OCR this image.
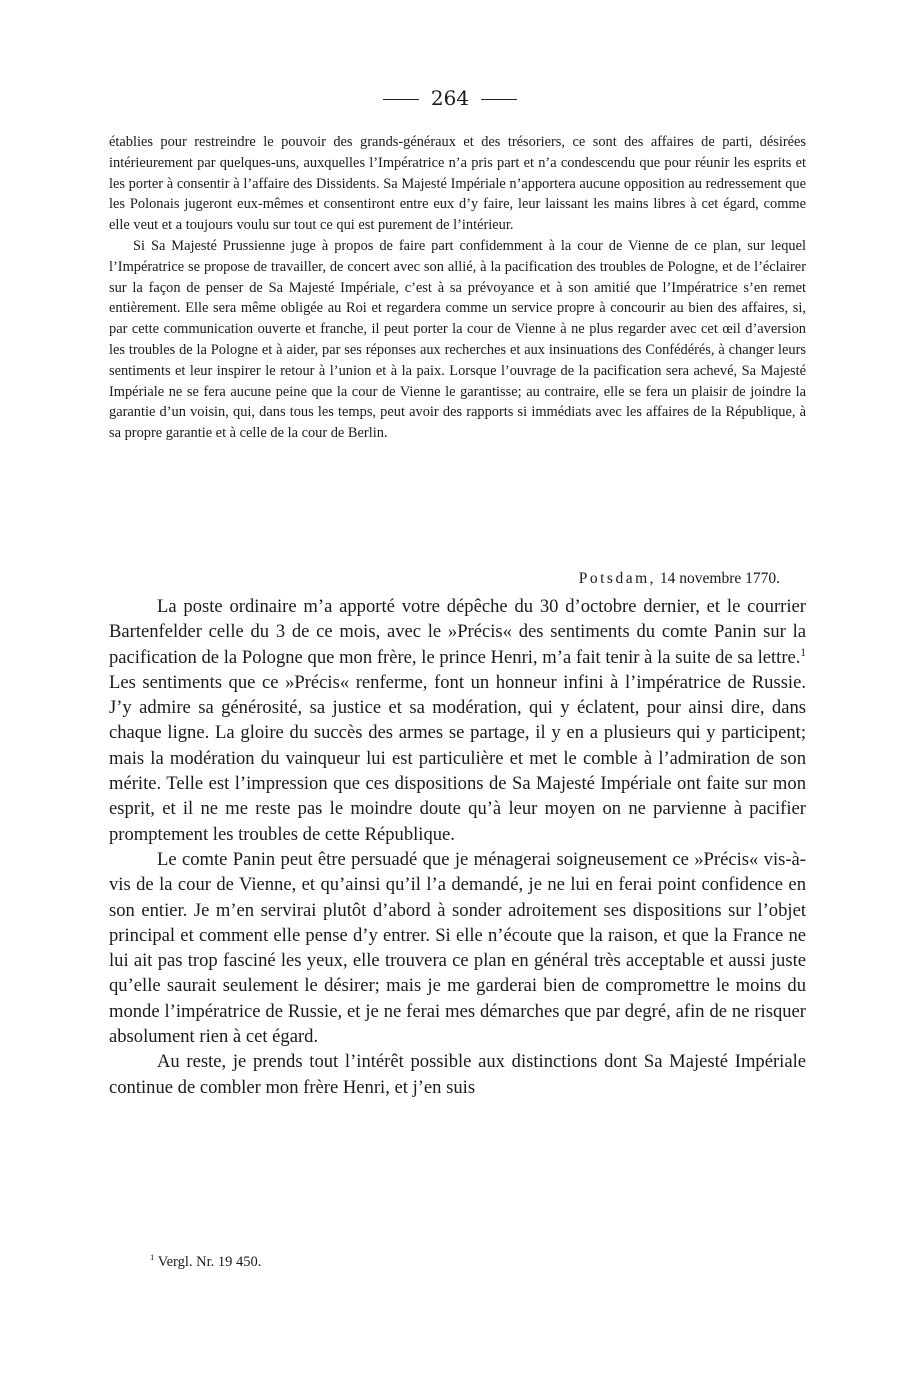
264

établies pour restreindre le pouvoir des grands-généraux et des trésoriers, ce sont des affaires de parti, désirées intérieurement par quelques-uns, auxquelles l’Impératrice n’a pris part et n’a condescendu que pour réunir les esprits et les porter à consentir à l’affaire des Dissidents. Sa Majesté Impériale n’apportera aucune opposition au redressement que les Polonais jugeront eux-mêmes et consentiront entre eux d’y faire, leur laissant les mains libres à cet égard, comme elle veut et a toujours voulu sur tout ce qui est purement de l’intérieur.

Si Sa Majesté Prussienne juge à propos de faire part confidemment à la cour de Vienne de ce plan, sur lequel l’Impératrice se propose de travailler, de concert avec son allié, à la pacification des troubles de Pologne, et de l’éclairer sur la façon de penser de Sa Majesté Impériale, c’est à sa prévoyance et à son amitié que l’Impératrice s’en remet entièrement. Elle sera même obligée au Roi et regardera comme un service propre à concourir au bien des affaires, si, par cette communication ouverte et franche, il peut porter la cour de Vienne à ne plus regarder avec cet œil d’aversion les troubles de la Pologne et à aider, par ses réponses aux recherches et aux insinuations des Confédérés, à changer leurs sentiments et leur inspirer le retour à l’union et à la paix. Lorsque l’ouvrage de la pacification sera achevé, Sa Majesté Impériale ne se fera aucune peine que la cour de Vienne le garantisse; au contraire, elle se fera un plaisir de joindre la garantie d’un voisin, qui, dans tous les temps, peut avoir des rapports si immédiats avec les affaires de la République, à sa propre garantie et à celle de la cour de Berlin.

Potsdam, 14 novembre 1770.

La poste ordinaire m’a apporté votre dépêche du 30 d’octobre dernier, et le courrier Bartenfelder celle du 3 de ce mois, avec le »Précis« des sentiments du comte Panin sur la pacification de la Pologne que mon frère, le prince Henri, m’a fait tenir à la suite de sa lettre.$^1$ Les sentiments que ce »Précis« renferme, font un honneur infini à l’impératrice de Russie. J’y admire sa générosité, sa justice et sa modération, qui y éclatent, pour ainsi dire, dans chaque ligne. La gloire du succès des armes se partage, il y en a plusieurs qui y participent; mais la modération du vainqueur lui est particulière et met le comble à l’admiration de son mérite. Telle est l’impression que ces dispositions de Sa Majesté Impériale ont faite sur mon esprit, et il ne me reste pas le moindre doute qu’à leur moyen on ne parvienne à pacifier promptement les troubles de cette République.

Le comte Panin peut être persuadé que je ménagerai soigneusement ce »Précis« vis-à-vis de la cour de Vienne, et qu’ainsi qu’il l’a demandé, je ne lui en ferai point confidence en son entier. Je m’en servirai plutôt d’abord à sonder adroitement ses dispositions sur l’objet principal et comment elle pense d’y entrer. Si elle n’écoute que la raison, et que la France ne lui ait pas trop fasciné les yeux, elle trouvera ce plan en général très acceptable et aussi juste qu’elle saurait seulement le désirer; mais je me garderai bien de compromettre le moins du monde l’impératrice de Russie, et je ne ferai mes démarches que par degré, afin de ne risquer absolument rien à cet égard.

Au reste, je prends tout l’intérêt possible aux distinctions dont Sa Majesté Impériale continue de combler mon frère Henri, et j’en suis

$^1$ Vergl. Nr. 19 450.
